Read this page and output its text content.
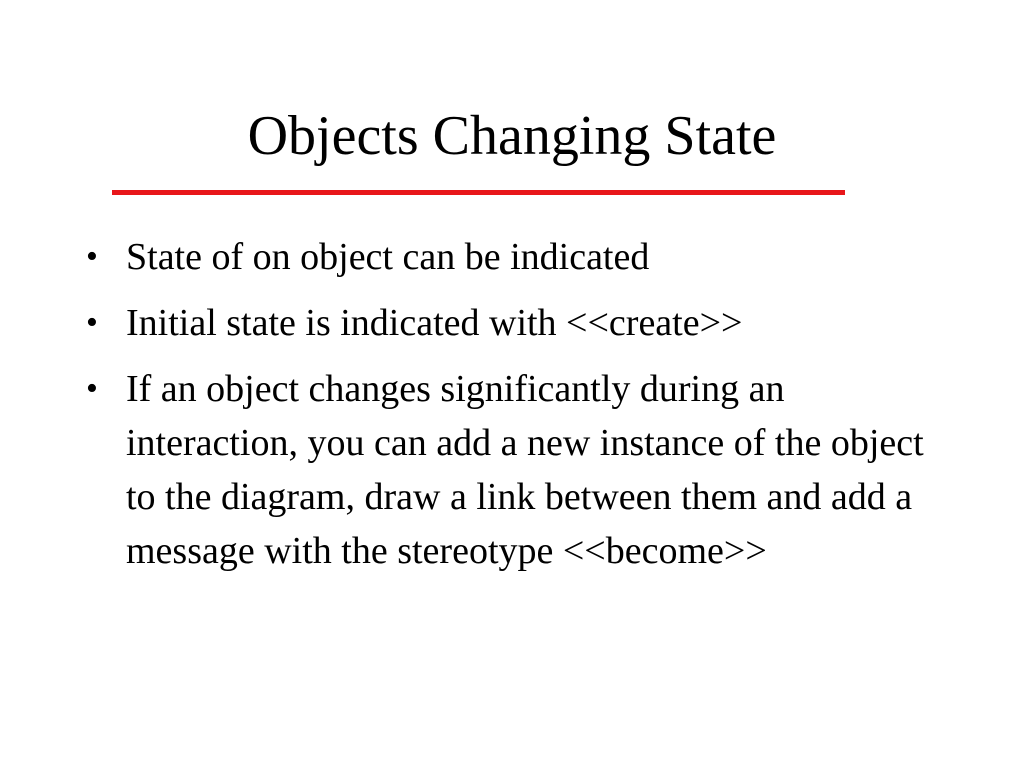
Objects Changing State
• State of on object can be indicated
• Initial state is indicated with <<create>>
• If an object changes significantly during an interaction, you can add a new instance of the object to the diagram, draw a link between them and add a message with the stereotype <<become>>
